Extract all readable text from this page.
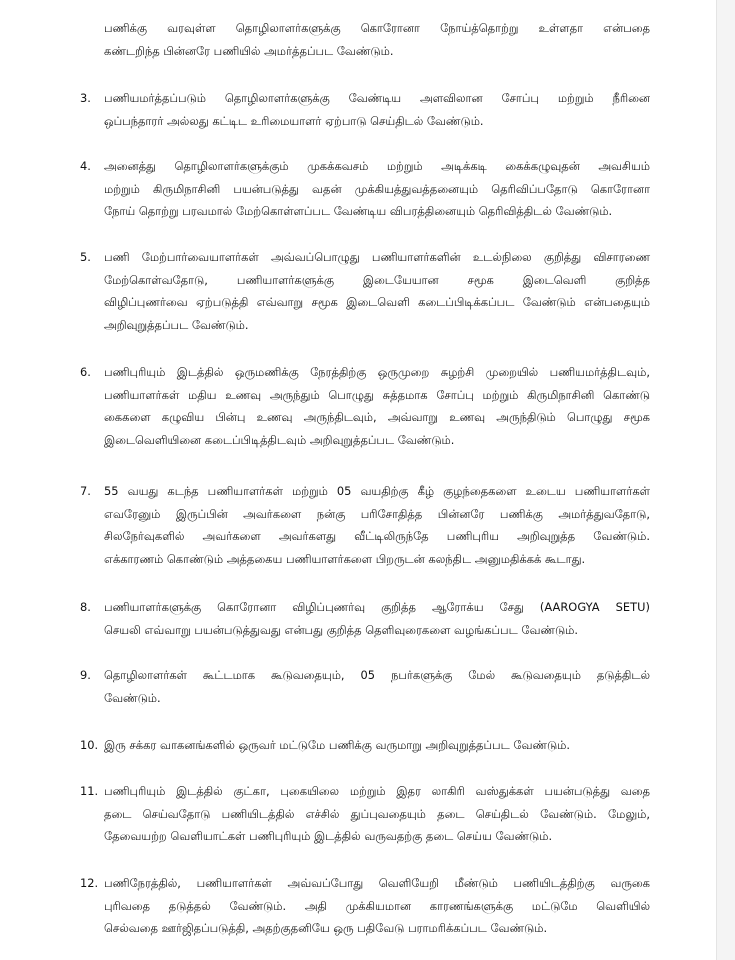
பணிக்கு வரவுள்ள தொழிலாளர்களுக்கு கொரோனா நோய்த்தொற்று உள்ளதா என்பதை
கண்டறிந்த பின்னரே பணியில் அமர்த்தப்பட வேண்டும்.
3.	பணியமர்த்தப்படும் தொழிலாளர்களுக்கு வேண்டிய அளவிலான சோப்பு மற்றும் நீரினை
ஒப்பந்தாரர் அல்லது கட்டிட உரிமையாளர் ஏற்பாடு செய்திடல் வேண்டும்.
4.	அனைத்து தொழிலாளர்களுக்கும் முகக்கவசம் மற்றும் அடிக்கடி கைக்கழுவுதன் அவசியம்
மற்றும் கிருமிநாசினி பயன்படுத்து வதன் முக்கியத்துவத்தனையும் தெரிவிப்பதோடு கொரோனா
நோய் தொற்று பரவமால் மேற்கொள்ளப்பட வேண்டிய விபரத்தினையும் தெரிவித்திடல் வேண்டும்.
5.	பணி மேற்பார்வையாளர்கள் அவ்வப்பொழுது பணியாளர்களின் உடல்நிலை குறித்து விசாரணை
மேற்கொள்வதோடு, பணியாளர்களுக்கு இடையேயான சமூக இடைவெளி குறித்த
விழிப்புணர்வை ஏற்படுத்தி எவ்வாறு சமூக இடைவெளி கடைப்பிடிக்கப்பட வேண்டும் என்பதையும்
அறிவுறுத்தப்பட வேண்டும்.
6.	பணிபுரியும் இடத்தில் ஒருமணிக்கு நேரத்திற்கு ஒருமுறை சுழற்சி முறையில் பணியமர்த்திடவும்,
பணியாளர்கள் மதிய உணவு அருந்தும் பொழுது சுத்தமாக சோப்பு மற்றும் கிருமிநாசினி கொண்டு
கைகளை கழுவிய பின்பு உணவு அருந்திடவும், அவ்வாறு உணவு அருந்திடும் பொழுது சமூக
இடைவெளியினை கடைப்பிடித்திடவும் அறிவுறுத்தப்பட வேண்டும்.
7.	55 வயது கடந்த பணியாளர்கள் மற்றும் 05 வயதிற்கு கீழ் குழந்தைகளை உடைய பணியாளர்கள்
எவரேனும் இருப்பின் அவர்களை நன்கு பரிசோதித்த பின்னரே பணிக்கு அமர்த்துவதோடு,
சிலநேர்வுகளில் அவர்களை அவர்களது வீட்டிலிருந்தே பணிபுரிய அறிவுறுத்த வேண்டும்.
எக்காரணம் கொண்டும் அத்தகைய பணியாளர்களை பிறருடன் கலந்திட அனுமதிக்கக் கூடாது.
8.	பணியாளர்களுக்கு கொரோனா விழிப்புணர்வு குறித்த ஆரோக்ய சேது (AAROGYA SETU)
செயலி எவ்வாறு பயன்படுத்துவது என்பது குறித்த தெளிவுரைகளை வழங்கப்பட வேண்டும்.
9.	தொழிலாளர்கள் கூட்டமாக கூடுவதையும், 05 நபர்களுக்கு மேல் கூடுவதையும் தடுத்திடல்
வேண்டும்.
10. இரு சக்கர வாகனங்களில் ஒருவர் மட்டுமே பணிக்கு வருமாறு அறிவுறுத்தப்பட வேண்டும்.
11. பணிபுரியும் இடத்தில் குட்கா, புகையிலை மற்றும் இதர லாகிரி வஸ்துக்கள் பயன்படுத்து வதை
தடை செய்வதோடு பணியிடத்தில் எச்சில் துப்புவதையும் தடை செய்திடல் வேண்டும். மேலும்,
தேவையற்ற வெளியாட்கள் பணிபுரியும் இடத்தில் வருவதற்கு தடை செய்ய வேண்டும்.
12. பணிநேரத்தில், பணியாளர்கள் அவ்வப்போது வெளியேறி மீண்டும் பணியிடத்திற்கு வருகை
புரிவதை தடுத்தல் வேண்டும். அதி முக்கியமான காரணங்களுக்கு மட்டுமே வெளியில்
செல்வதை ஊர்ஜிதப்படுத்தி, அதற்குதனியே ஒரு பதிவேடு பராமரிக்கப்பட வேண்டும்.
